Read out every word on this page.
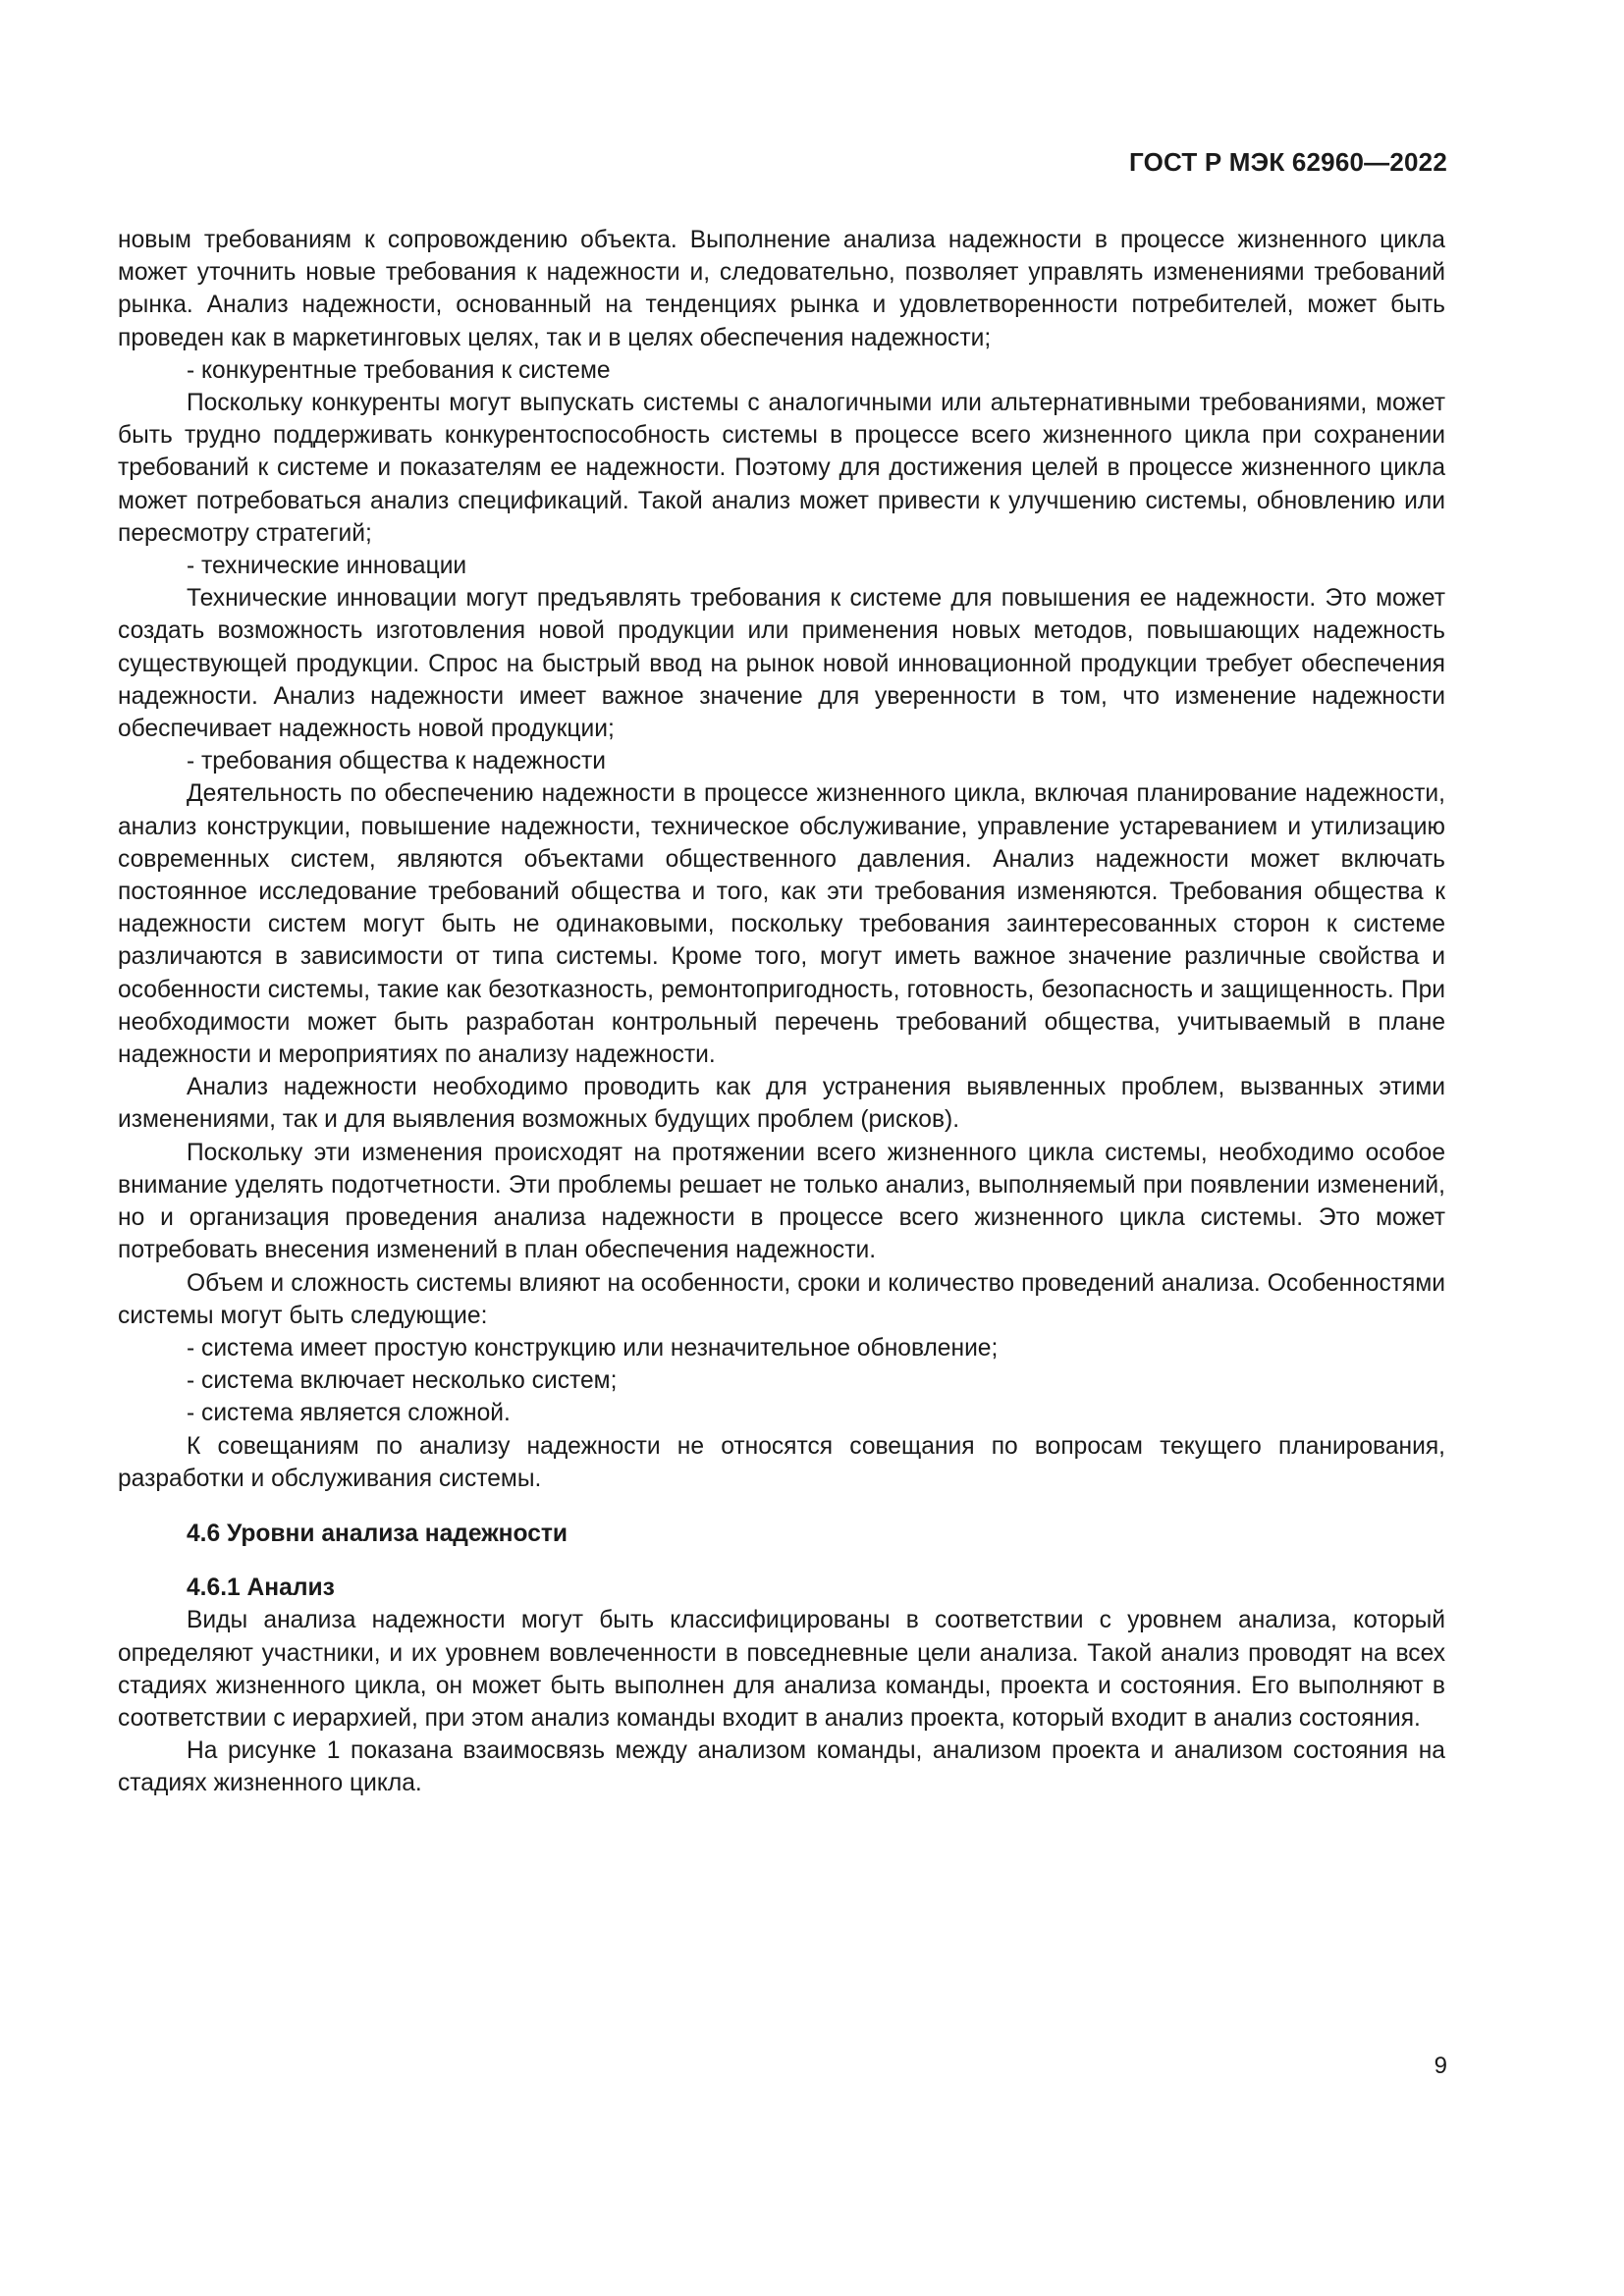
ГОСТ Р МЭК 62960—2022

новым требованиям к сопровождению объекта. Выполнение анализа надежности в процессе жизненного цикла может уточнить новые требования к надежности и, следовательно, позволяет управлять изменениями требований рынка. Анализ надежности, основанный на тенденциях рынка и удовлетворенности потребителей, может быть проведен как в маркетинговых целях, так и в целях обеспечения надежности;

- конкурентные требования к системе

Поскольку конкуренты могут выпускать системы с аналогичными или альтернативными требованиями, может быть трудно поддерживать конкурентоспособность системы в процессе всего жизненного цикла при сохранении требований к системе и показателям ее надежности. Поэтому для достижения целей в процессе жизненного цикла может потребоваться анализ спецификаций. Такой анализ может привести к улучшению системы, обновлению или пересмотру стратегий;

- технические инновации

Технические инновации могут предъявлять требования к системе для повышения ее надежности. Это может создать возможность изготовления новой продукции или применения новых методов, повышающих надежность существующей продукции. Спрос на быстрый ввод на рынок новой инновационной продукции требует обеспечения надежности. Анализ надежности имеет важное значение для уверенности в том, что изменение надежности обеспечивает надежность новой продукции;

- требования общества к надежности

Деятельность по обеспечению надежности в процессе жизненного цикла, включая планирование надежности, анализ конструкции, повышение надежности, техническое обслуживание, управление устареванием и утилизацию современных систем, являются объектами общественного давления. Анализ надежности может включать постоянное исследование требований общества и того, как эти требования изменяются. Требования общества к надежности систем могут быть не одинаковыми, поскольку требования заинтересованных сторон к системе различаются в зависимости от типа системы. Кроме того, могут иметь важное значение различные свойства и особенности системы, такие как безотказность, ремонтопригодность, готовность, безопасность и защищенность. При необходимости может быть разработан контрольный перечень требований общества, учитываемый в плане надежности и мероприятиях по анализу надежности.

Анализ надежности необходимо проводить как для устранения выявленных проблем, вызванных этими изменениями, так и для выявления возможных будущих проблем (рисков).

Поскольку эти изменения происходят на протяжении всего жизненного цикла системы, необходимо особое внимание уделять подотчетности. Эти проблемы решает не только анализ, выполняемый при появлении изменений, но и организация проведения анализа надежности в процессе всего жизненного цикла системы. Это может потребовать внесения изменений в план обеспечения надежности.

Объем и сложность системы влияют на особенности, сроки и количество проведений анализа. Особенностями системы могут быть следующие:

- система имеет простую конструкцию или незначительное обновление;

- система включает несколько систем;

- система является сложной.

К совещаниям по анализу надежности не относятся совещания по вопросам текущего планирования, разработки и обслуживания системы.

4.6 Уровни анализа надежности

4.6.1 Анализ

Виды анализа надежности могут быть классифицированы в соответствии с уровнем анализа, который определяют участники, и их уровнем вовлеченности в повседневные цели анализа. Такой анализ проводят на всех стадиях жизненного цикла, он может быть выполнен для анализа команды, проекта и состояния. Его выполняют в соответствии с иерархией, при этом анализ команды входит в анализ проекта, который входит в анализ состояния.

На рисунке 1 показана взаимосвязь между анализом команды, анализом проекта и анализом состояния на стадиях жизненного цикла.

9
